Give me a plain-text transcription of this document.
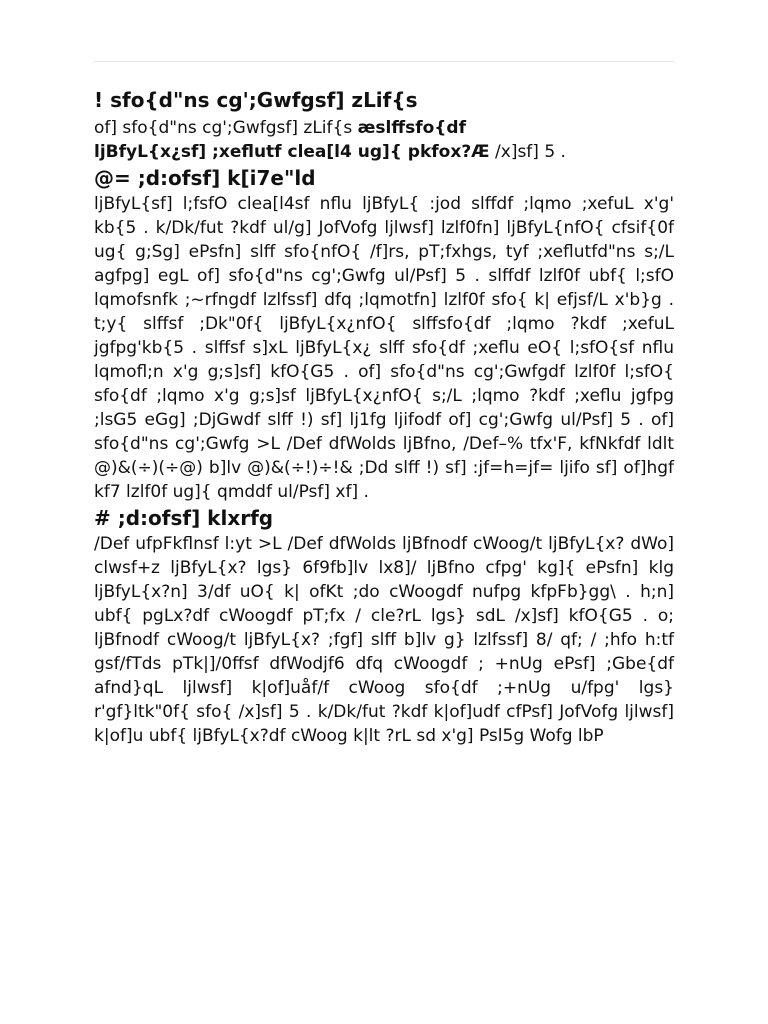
! sfo{d"ns cg';Gwfgsf] zLif{s

of] sfo{d"ns cg';Gwfgsf] zLif{s æslffsfo{df
ljBfyL{x¿sf] ;xeflutf clea[l4 ug]{ pkfox?Æ /x]sf] 5 .

@= ;d:ofsf] k[i7e"ld

ljBfyL{sf] l;fsfO clea[l4sf nflu ljBfyL{ :jod slffdf ;lqmo ;xefuL x'g' kb{5 . k/Dk/fut ?kdf ul/g] JofVofg ljlwsf] lzlf0fn] ljBfyL{nfO{ cfsif{0f ug{ g;Sg] ePsfn] slff sfo{nfO{ /f]rs, pT;fxhgs, tyf ;xeflutfd"ns s;/L agfpg] egL of] sfo{d"ns cg';Gwfg ul/Psf] 5 . slffdf lzlf0f ubf{ l;sfO lqmofsnfk ;~rfngdf lzlfssf] dfq ;lqmotfn] lzlf0f sfo{ k| efjsf/L x'b}g . t;y{ slffsf ;Dk"0f{ ljBfyL{x¿nfO{ slffsfo{df ;lqmo ?kdf ;xefuL jgfpg'kb{5 . slffsf s]xL ljBfyL{x¿ slff sfo{df ;xeflu eO{ l;sfO{sf nflu lqmofl;n x'g g;s]sf] kfO{G5 . of] sfo{d"ns cg';Gwfgdf lzlf0f l;sfO{ sfo{df ;lqmo x'g g;s]sf ljBfyL{x¿nfO{ s;/L ;lqmo ?kdf ;xeflu jgfpg ;lsG5 eGg] ;DjGwdf slff !) sf] lj1fg ljifodf of] cg';Gwfg ul/Psf] 5 . of] sfo{d"ns cg';Gwfg >L /Def dfWolds ljBfno, /Def–% tfx'F, kfNkfdf ldlt @)&(÷)(÷@) b]lv @)&(÷!)÷!& ;Dd slff !) sf] :jf=h=jf= ljifo sf] of]hgf kf7 lzlf0f ug]{ qmddf ul/Psf] xf] .

# ;d:ofsf] klxrfg

/Def ufpFkflnsf l:yt >L /Def dfWolds ljBfnodf cWoog/t ljBfyL{x? dWo] clwsf+z ljBfyL{x? lgs} 6f9fb]lv lx8]/ ljBfno cfpg' kg]{ ePsfn] klg ljBfyL{x?n] 3/df uO{ k| ofKt ;do cWoogdf nufpg kfpFb}gg\ . h;n] ubf{ pgLx?df cWoogdf pT;fx / cle?rL lgs} sdL /x]sf] kfO{G5 . o; ljBfnodf cWoog/t ljBfyL{x? ;fgf] slff b]lv g} lzlfssf] 8/ qf; / ;hfo h:tf gsf/fTds pTk|]/0ffsf dfWodjf6 dfq cWoogdf ; +nUg ePsf] ;Gbe{df afnd}qL ljlwsf] k|of]uåf/f cWoog sfo{df ;+nUg u/fpg' lgs} r'gf}ltk"0f{ sfo{ /x]sf] 5 . k/Dk/fut ?kdf k|of]udf cfPsf] JofVofg ljlwsf] k|of]u ubf{ ljBfyL{x?df cWoog k|lt ?rL sd x'g] Psl5g Wofg lbP
